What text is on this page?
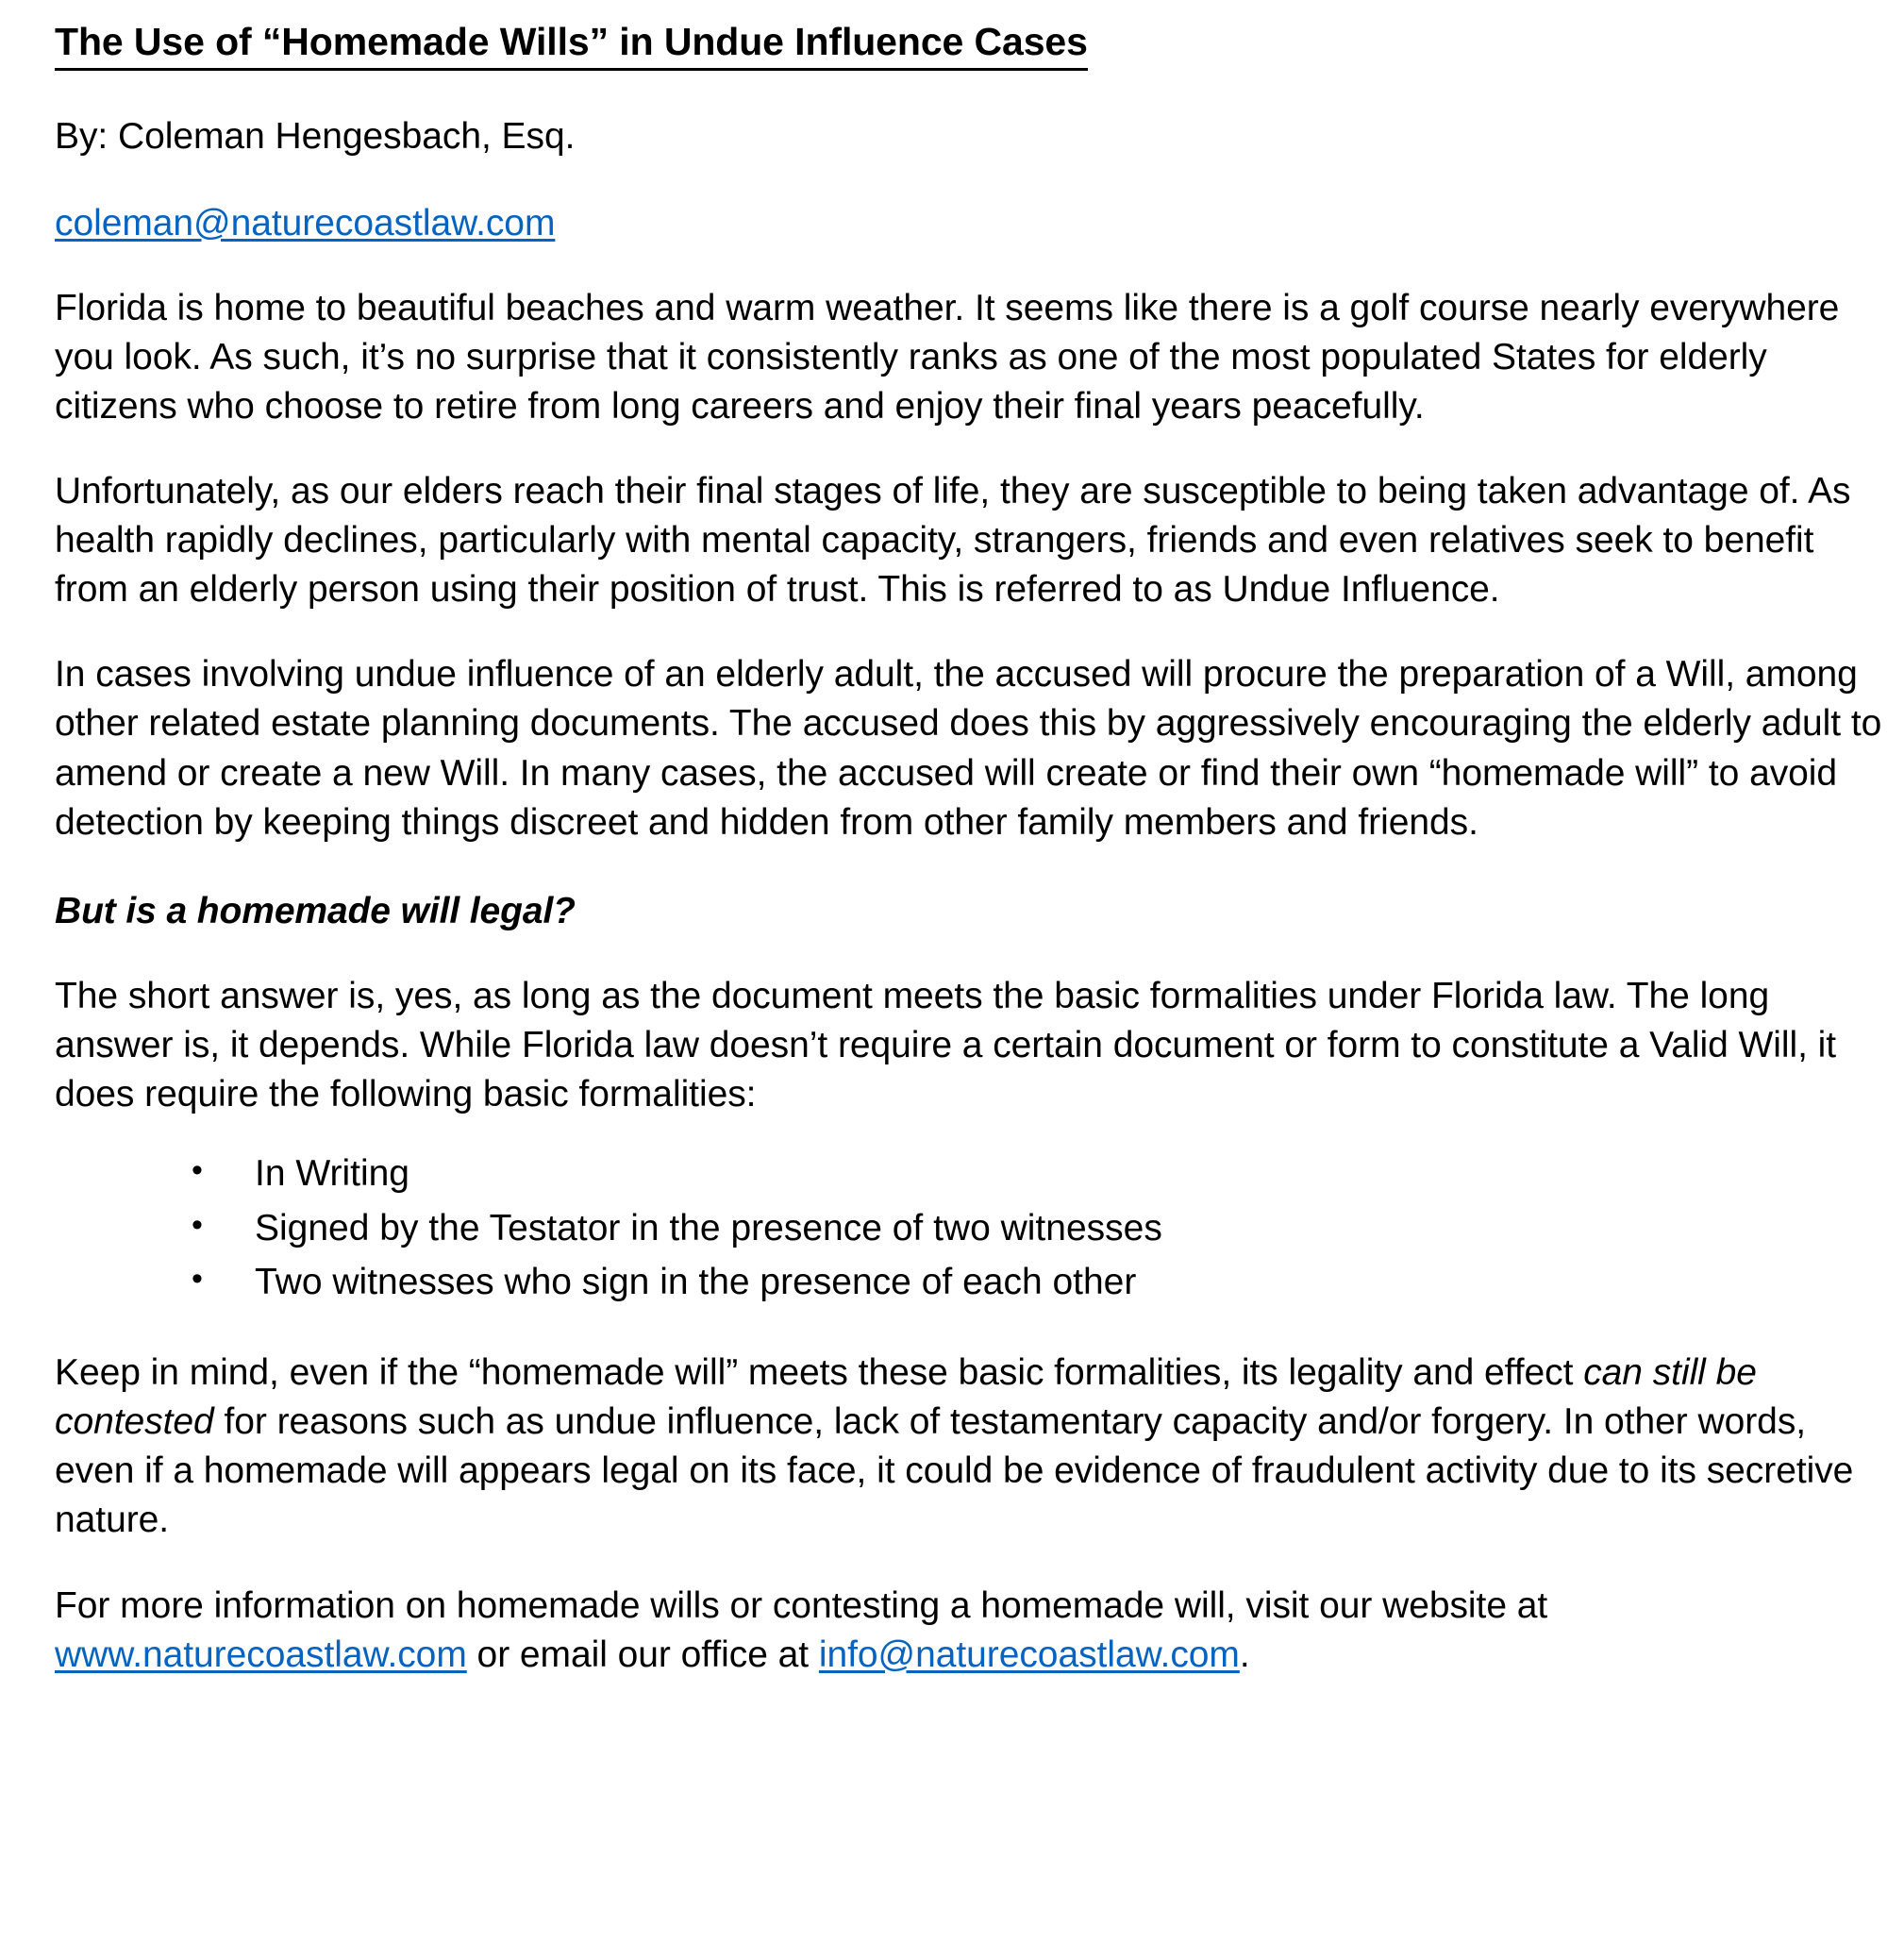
The Use of “Homemade Wills” in Undue Influence Cases

By: Coleman Hengesbach, Esq.

coleman@naturecoastlaw.com

Florida is home to beautiful beaches and warm weather. It seems like there is a golf course nearly everywhere you look. As such, it’s no surprise that it consistently ranks as one of the most populated States for elderly citizens who choose to retire from long careers and enjoy their final years peacefully.

Unfortunately, as our elders reach their final stages of life, they are susceptible to being taken advantage of. As health rapidly declines, particularly with mental capacity, strangers, friends and even relatives seek to benefit from an elderly person using their position of trust. This is referred to as Undue Influence.

In cases involving undue influence of an elderly adult, the accused will procure the preparation of a Will, among other related estate planning documents. The accused does this by aggressively encouraging the elderly adult to amend or create a new Will. In many cases, the accused will create or find their own “homemade will” to avoid detection by keeping things discreet and hidden from other family members and friends.

But is a homemade will legal?

The short answer is, yes, as long as the document meets the basic formalities under Florida law. The long answer is, it depends. While Florida law doesn’t require a certain document or form to constitute a Valid Will, it does require the following basic formalities:

• In Writing
• Signed by the Testator in the presence of two witnesses
• Two witnesses who sign in the presence of each other

Keep in mind, even if the “homemade will” meets these basic formalities, its legality and effect can still be contested for reasons such as undue influence, lack of testamentary capacity and/or forgery. In other words, even if a homemade will appears legal on its face, it could be evidence of fraudulent activity due to its secretive nature.

For more information on homemade wills or contesting a homemade will, visit our website at www.naturecoastlaw.com or email our office at info@naturecoastlaw.com.
